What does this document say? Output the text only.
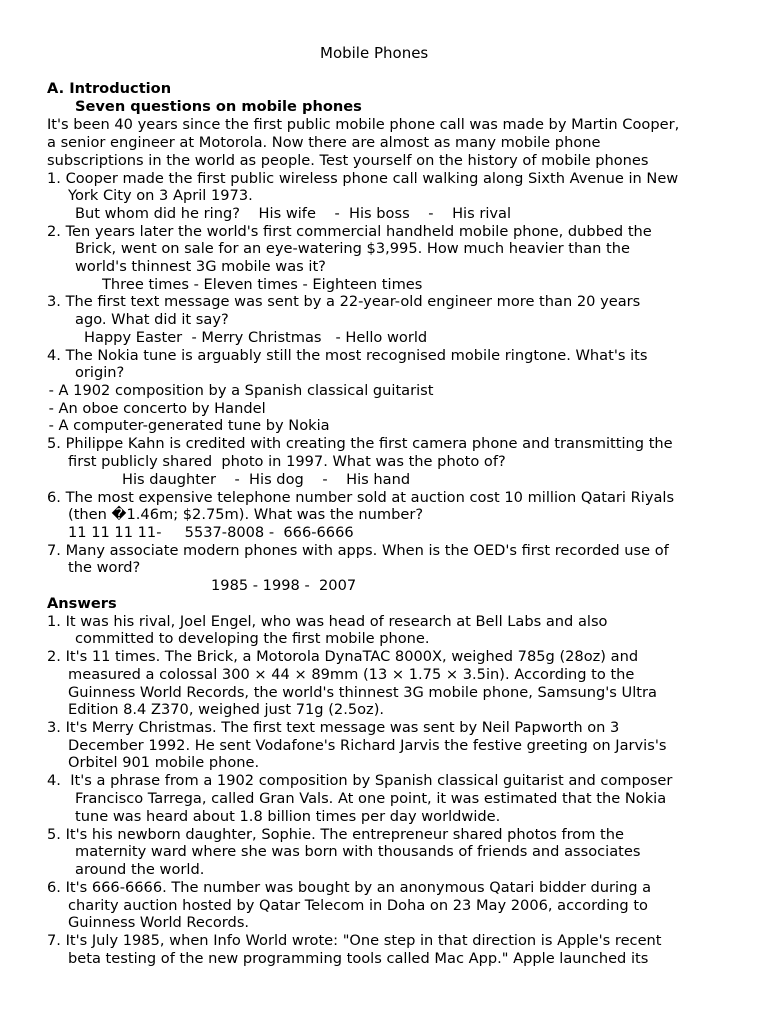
Mobile Phones
A. Introduction
Seven questions on mobile phones
It's been 40 years since the first public mobile phone call was made by Martin Cooper,
a senior engineer at Motorola. Now there are almost as many mobile phone
subscriptions in the world as people. Test yourself on the history of mobile phones
1. Cooper made the first public wireless phone call walking along Sixth Avenue in New
York City on 3 April 1973.
But whom did he ring?    His wife    -  His boss    -    His rival
2. Ten years later the world's first commercial handheld mobile phone, dubbed the
Brick, went on sale for an eye-watering $3,995. How much heavier than the
world's thinnest 3G mobile was it?
Three times - Eleven times - Eighteen times
3. The first text message was sent by a 22-year-old engineer more than 20 years
ago. What did it say?
Happy Easter  - Merry Christmas   - Hello world
4. The Nokia tune is arguably still the most recognised mobile ringtone. What's its
origin?
- A 1902 composition by a Spanish classical guitarist
- An oboe concerto by Handel
- A computer-generated tune by Nokia
5. Philippe Kahn is credited with creating the first camera phone and transmitting the
first publicly shared  photo in 1997. What was the photo of?
His daughter    -  His dog    -    His hand
6. The most expensive telephone number sold at auction cost 10 million Qatari Riyals
(then �1.46m; $2.75m). What was the number?
11 11 11 11-     5537-8008 -  666-6666
7. Many associate modern phones with apps. When is the OED's first recorded use of
the word?
1985 - 1998 -  2007
Answers
1. It was his rival, Joel Engel, who was head of research at Bell Labs and also
committed to developing the first mobile phone.
2. It's 11 times. The Brick, a Motorola DynaTAC 8000X, weighed 785g (28oz) and
measured a colossal 300 × 44 × 89mm (13 × 1.75 × 3.5in). According to the
Guinness World Records, the world's thinnest 3G mobile phone, Samsung's Ultra
Edition 8.4 Z370, weighed just 71g (2.5oz).
3. It's Merry Christmas. The first text message was sent by Neil Papworth on 3
December 1992. He sent Vodafone's Richard Jarvis the festive greeting on Jarvis's
Orbitel 901 mobile phone.
4.  It's a phrase from a 1902 composition by Spanish classical guitarist and composer
Francisco Tarrega, called Gran Vals. At one point, it was estimated that the Nokia
tune was heard about 1.8 billion times per day worldwide.
5. It's his newborn daughter, Sophie. The entrepreneur shared photos from the
maternity ward where she was born with thousands of friends and associates
around the world.
6. It's 666-6666. The number was bought by an anonymous Qatari bidder during a
charity auction hosted by Qatar Telecom in Doha on 23 May 2006, according to
Guinness World Records.
7. It's July 1985, when Info World wrote: "One step in that direction is Apple's recent
beta testing of the new programming tools called Mac App." Apple launched its
